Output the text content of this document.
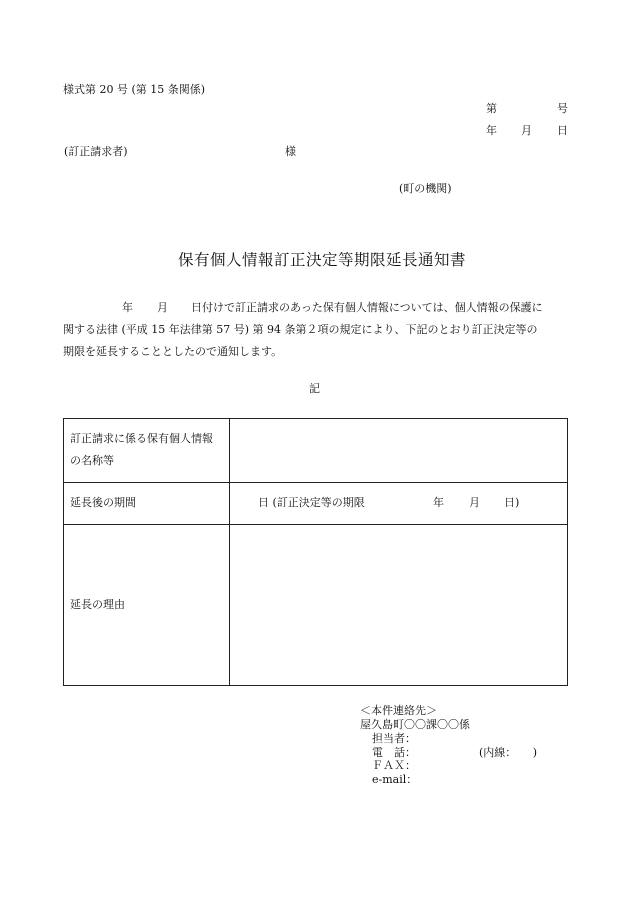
様式第 20 号 (第 15 条関係)
第	号
年 月 日
(訂正請求者)	様
(町の機関)
保有個人情報訂正決定等期限延長通知書
年 月 日付けで訂正請求のあった保有個人情報については、個人情報の保護に
関する法律 (平成 15 年法律第 57 号) 第 94 条第２項の規定により、下記のとおり訂正決定等の
期限を延長することとしたので通知します。
記
訂正請求に係る保有個人情報
の名称等
延長後の期間	日 (訂正決定等の期限	年 月 日)
延長の理由
＜本件連絡先＞
屋久島町〇〇課〇〇係
担当者：
電　話：	(内線：　　)
ＦＡＸ：
e-mail：
